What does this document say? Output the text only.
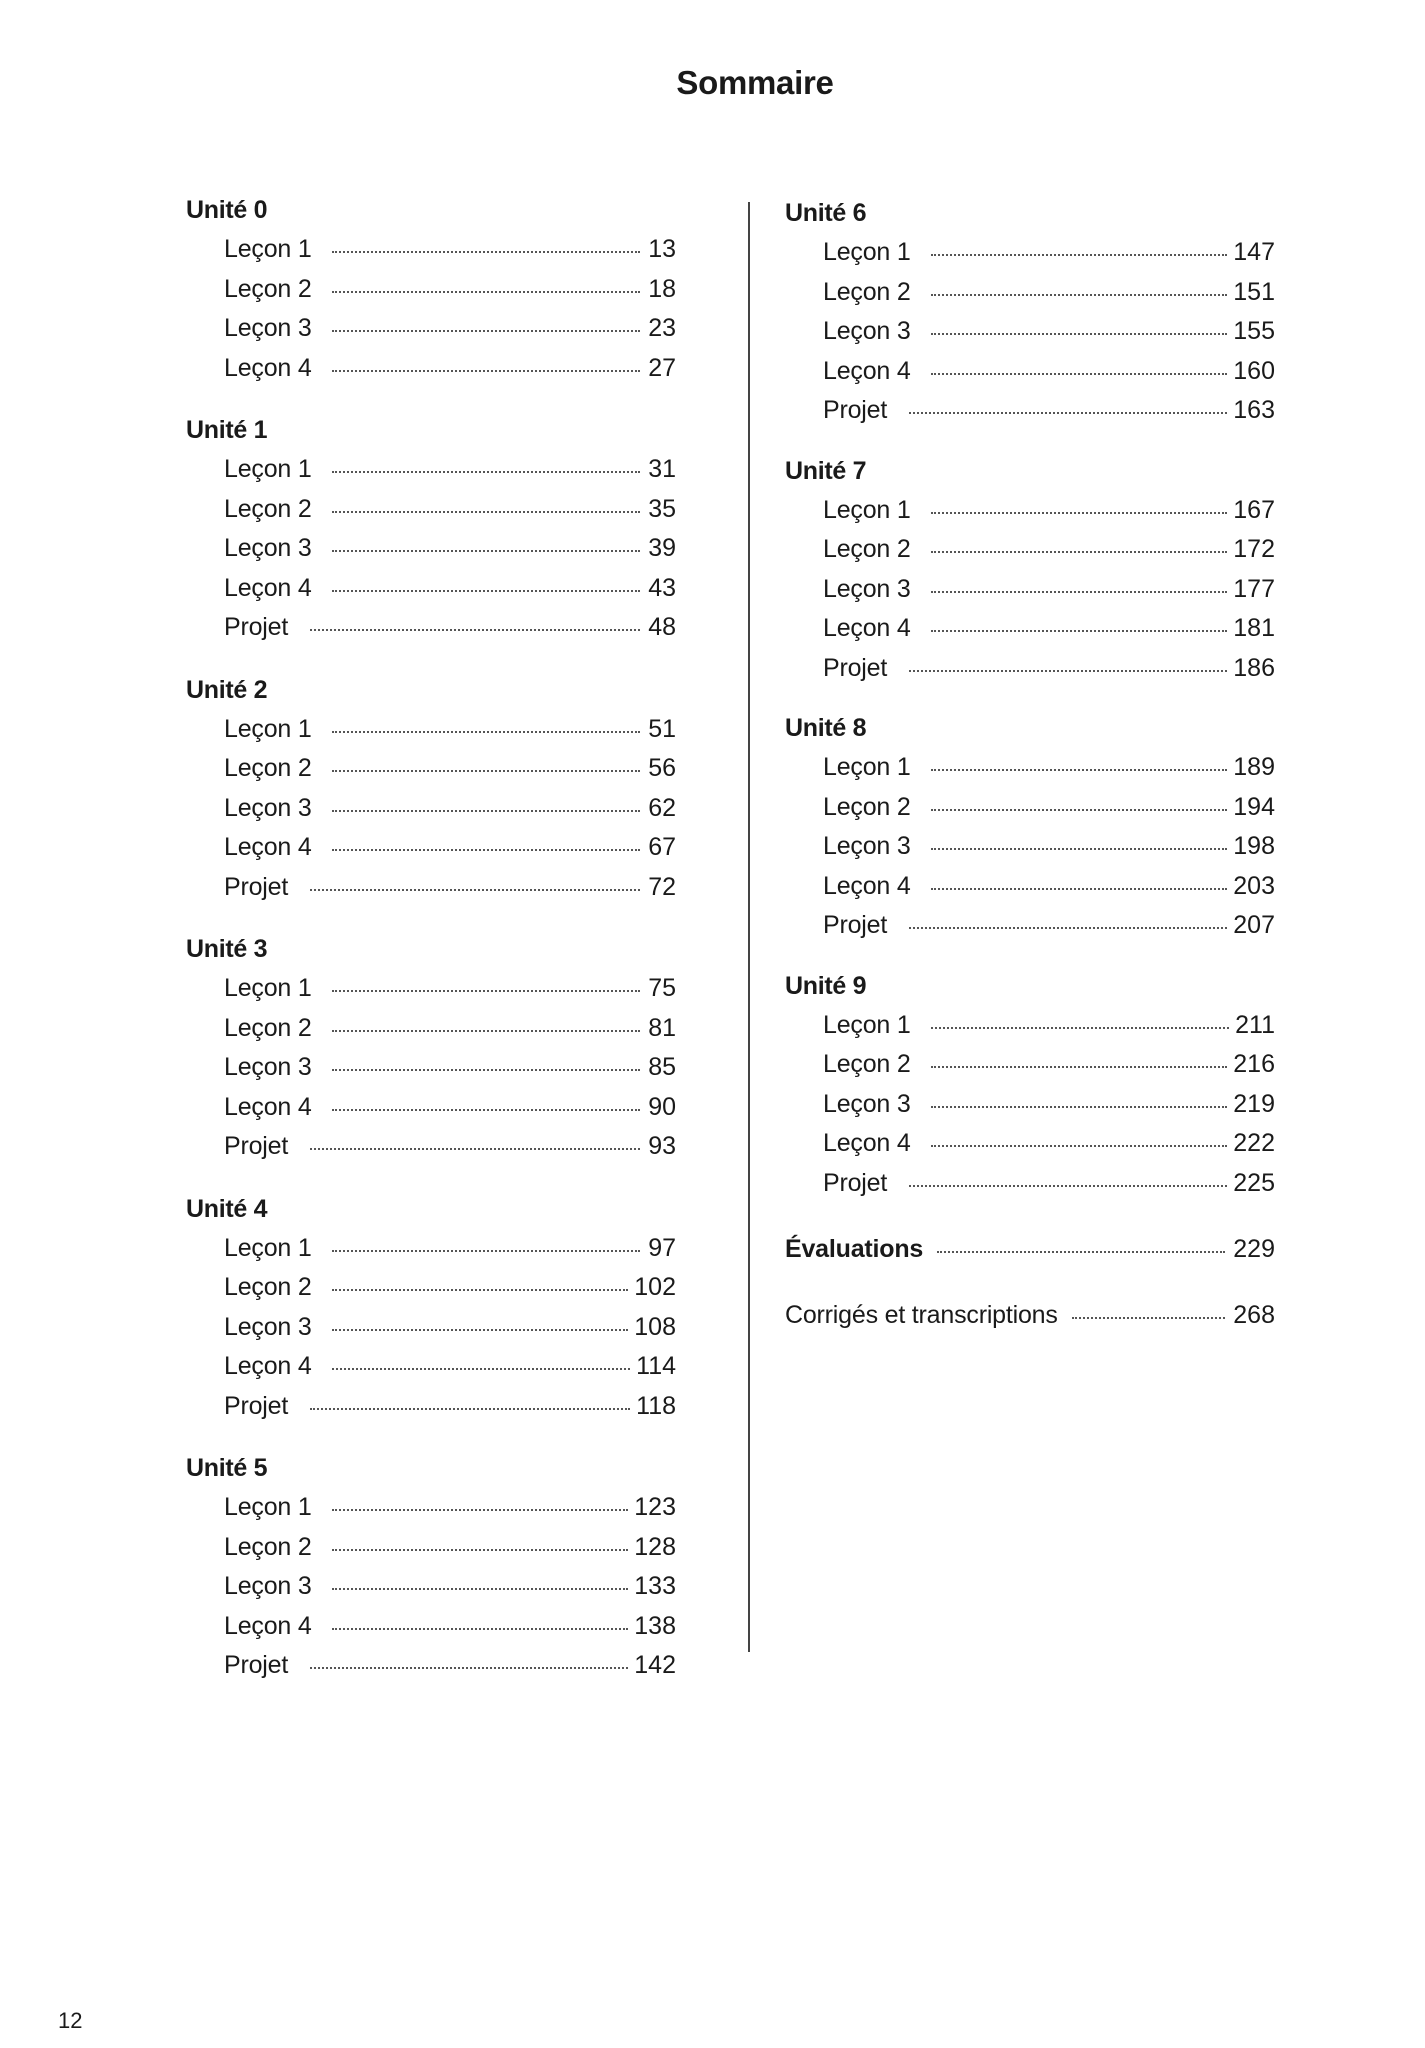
Sommaire
Unité 0
Leçon 1	13
Leçon 2	18
Leçon 3	23
Leçon 4	27
Unité 1
Leçon 1	31
Leçon 2	35
Leçon 3	39
Leçon 4	43
Projet	48
Unité 2
Leçon 1	51
Leçon 2	56
Leçon 3	62
Leçon 4	67
Projet	72
Unité 3
Leçon 1	75
Leçon 2	81
Leçon 3	85
Leçon 4	90
Projet	93
Unité 4
Leçon 1	97
Leçon 2	102
Leçon 3	108
Leçon 4	114
Projet	118
Unité 5
Leçon 1	123
Leçon 2	128
Leçon 3	133
Leçon 4	138
Projet	142
Unité 6
Leçon 1	147
Leçon 2	151
Leçon 3	155
Leçon 4	160
Projet	163
Unité 7
Leçon 1	167
Leçon 2	172
Leçon 3	177
Leçon 4	181
Projet	186
Unité 8
Leçon 1	189
Leçon 2	194
Leçon 3	198
Leçon 4	203
Projet	207
Unité 9
Leçon 1	211
Leçon 2	216
Leçon 3	219
Leçon 4	222
Projet	225
Évaluations	229
Corrigés et transcriptions	268
12
